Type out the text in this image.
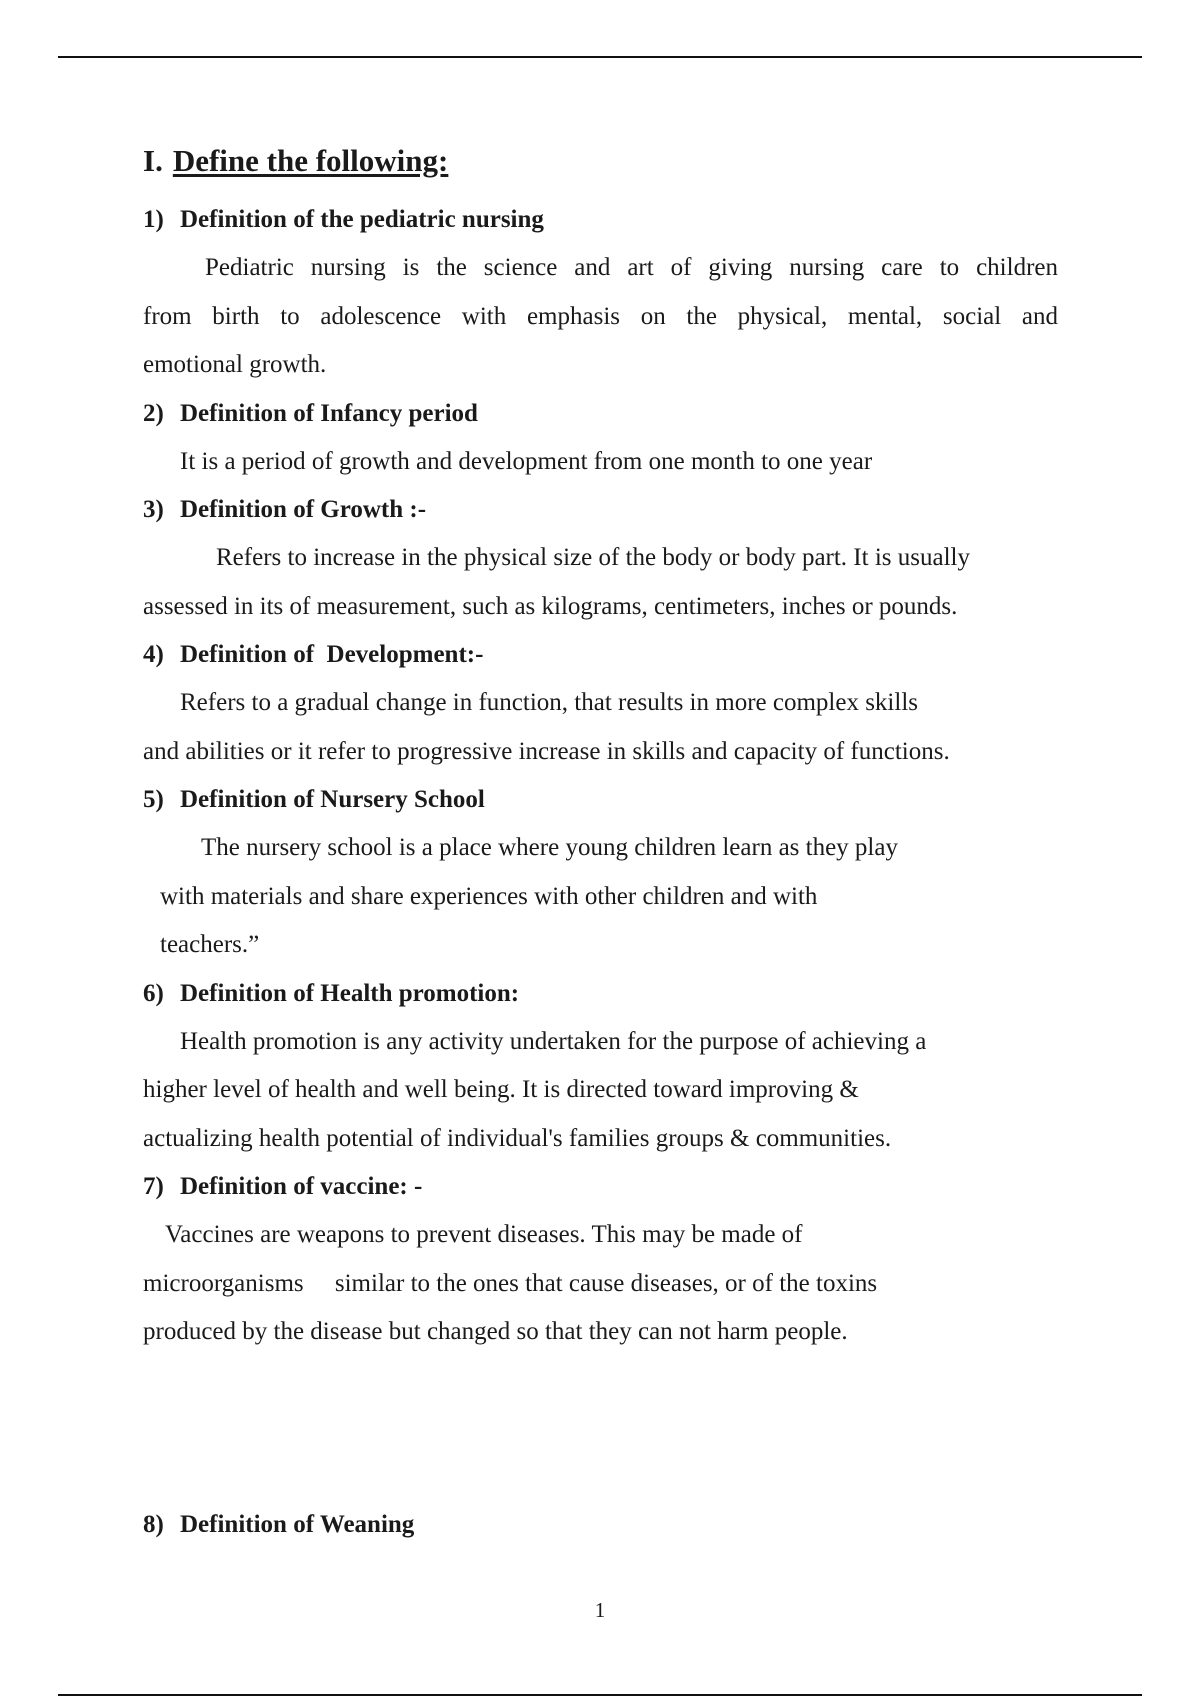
I. Define the following:
1) Definition of the pediatric nursing
Pediatric nursing is the science and art of giving nursing care to children
from birth to adolescence with emphasis on the physical, mental, social and
emotional growth.
2) Definition of Infancy period
It is a period of growth and development from one month to one year
3) Definition of Growth :-
Refers to increase in the physical size of the body or body part. It is usually
assessed in its of measurement, such as kilograms, centimeters, inches or pounds.
4) Definition of  Development:-
Refers to a gradual change in function, that results in more complex skills
and abilities or it refer to progressive increase in skills and capacity of functions.
5) Definition of Nursery School
The nursery school is a place where young children learn as they play
with materials and share experiences with other children and with
teachers.”
6) Definition of Health promotion:
Health promotion is any activity undertaken for the purpose of achieving a
higher level of health and well being. It is directed toward improving &
actualizing health potential of individual's families groups & communities.
7) Definition of vaccine: -
Vaccines are weapons to prevent diseases. This may be made of
microorganisms     similar to the ones that cause diseases, or of the toxins
produced by the disease but changed so that they can not harm people.
8) Definition of Weaning
1
